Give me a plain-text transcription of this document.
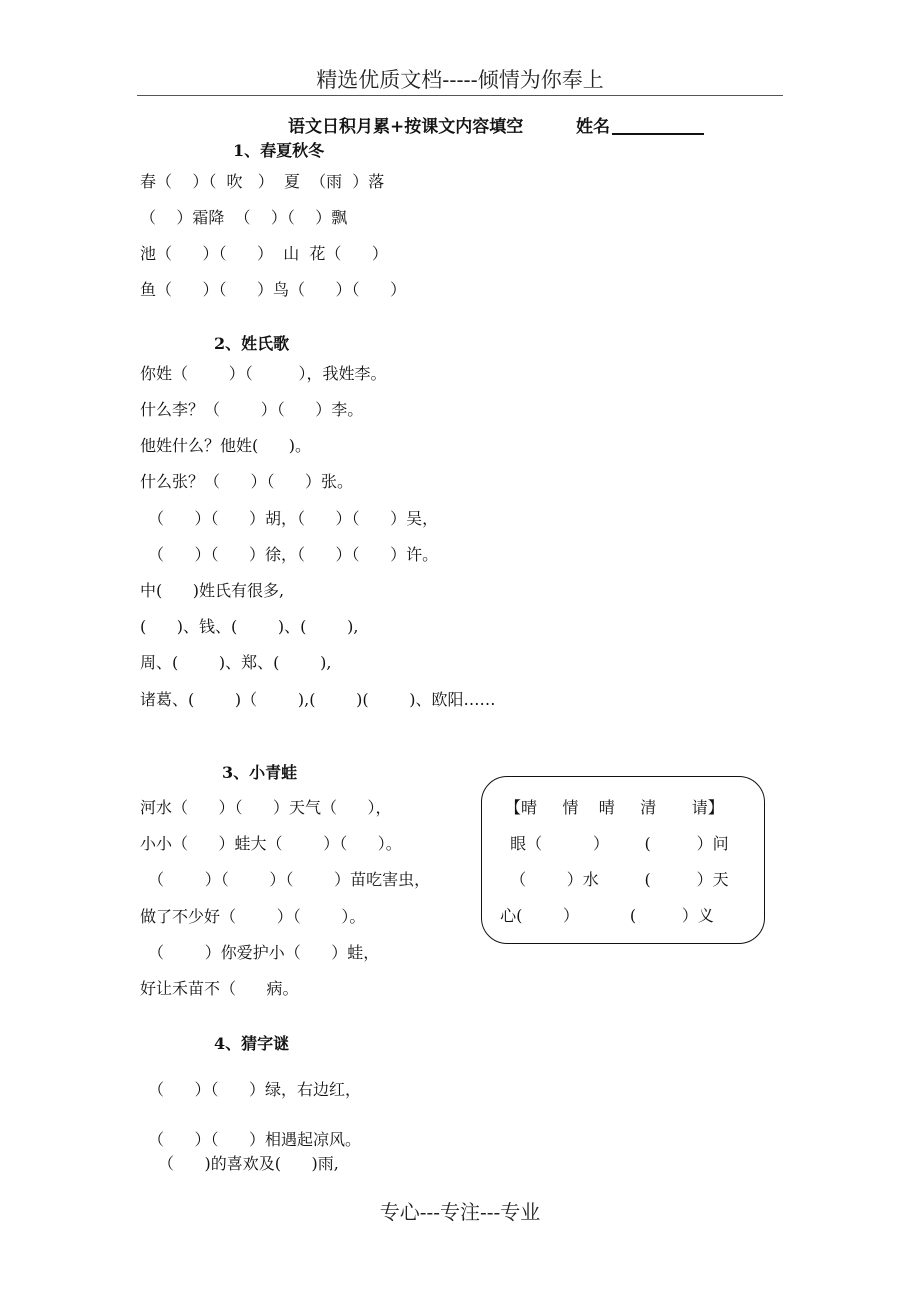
精选优质文档-----倾情为你奉上
语文日积月累+按课文内容填空	姓名
1、春夏秋冬
春（    ）（  吹   ）  夏  （雨  ）落
（    ）霜降  （    ）（    ）飘
池（      ）（      ）  山  花（      ）
鱼（      ）（      ）鸟（      ）（      ）
2、姓氏歌
你姓（        ）（         ），我姓李。
什么李？（        ）（      ）李。
他姓什么？他姓(      )。
什么张？（      ）（      ）张。
（      ）（      ）胡，（      ）（      ）吴，
（      ）（      ）徐，（      ）（      ）许。
中(      )姓氏有很多,
(      )、钱、(        )、(        ),
周、(        )、郑、(        ),
诸葛、(        )（        ),(        )(        )、欧阳……
3、小青蛙
河水（      ）（      ）天气（      ），
小小（      ）蛙大（        ）（      ）。
（        ）（        ）（        ）苗吃害虫，
做了不少好（        ）（        ）。
（        ）你爱护小（      ）蛙，
好让禾苗不（      病。
【晴     情    晴     清       请】
眼（          ）       (         ）问
（        ）水         (         ）天
心(        ）          (         ）义
4、猜字谜
（      ）（      ）绿，右边红，
（      ）（      ）相遇起凉风。
（      )的喜欢及(      )雨,
专心---专注---专业
